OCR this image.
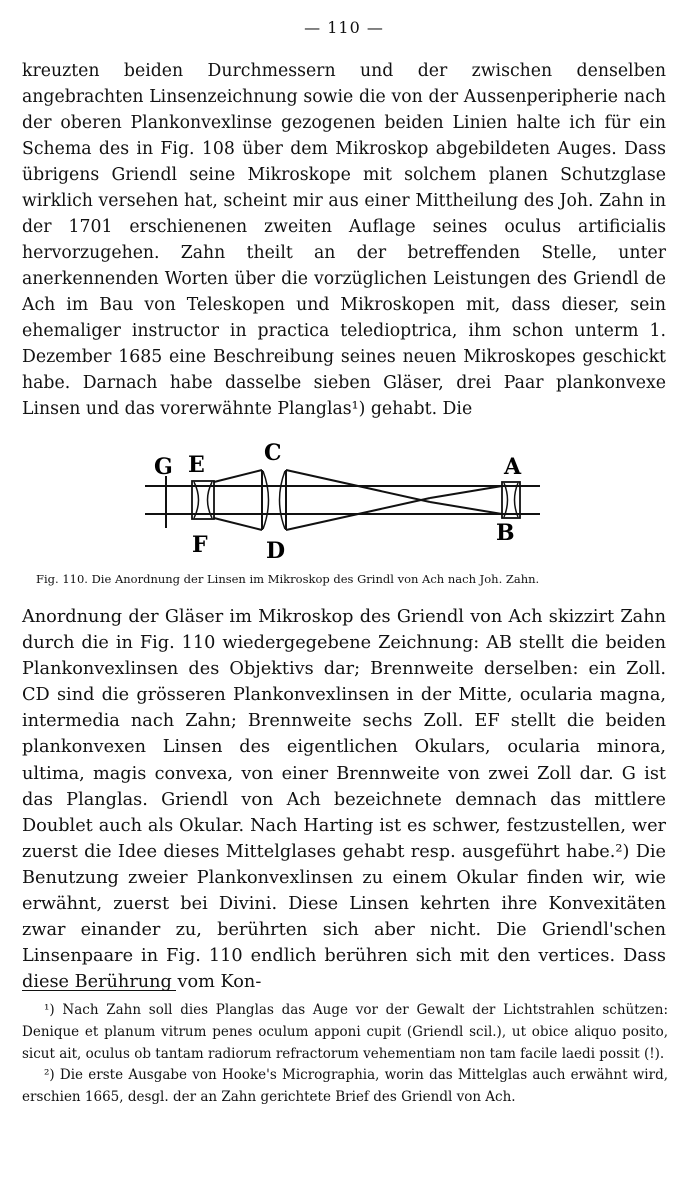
— 110 —

kreuzten beiden Durchmessern und der zwischen denselben angebrachten Linsenzeichnung sowie die von der Aussenperipherie nach der oberen Plankonvexlinse gezogenen beiden Linien halte ich für ein Schema des in Fig. 108 über dem Mikroskop abgebildeten Auges. Dass übrigens Griendl seine Mikroskope mit solchem planen Schutzglase wirklich versehen hat, scheint mir aus einer Mittheilung des Joh. Zahn in der 1701 erschienenen zweiten Auflage seines oculus artificialis hervorzugehen. Zahn theilt an der betreffenden Stelle, unter anerkennenden Worten über die vorzüglichen Leistungen des Griendl de Ach im Bau von Teleskopen und Mikroskopen mit, dass dieser, sein ehemaliger instructor in practica teledioptrica, ihm schon unterm 1. Dezember 1685 eine Beschreibung seines neuen Mikroskopes geschickt habe. Darnach habe dasselbe sieben Gläser, drei Paar plankonvexe Linsen und das vorerwähnte Planglas¹) gehabt. Die

G E	C
A
F	D
B
Fig. 110. Die Anordnung der Linsen im Mikroskop des Grindl von Ach nach Joh. Zahn.

Anordnung der Gläser im Mikroskop des Griendl von Ach skizzirt Zahn durch die in Fig. 110 wiedergegebene Zeichnung: AB stellt die beiden Plankonvexlinsen des Objektivs dar; Brennweite derselben: ein Zoll. CD sind die grösseren Plankonvexlinsen in der Mitte, ocularia magna, intermedia nach Zahn; Brennweite sechs Zoll. EF stellt die beiden plankonvexen Linsen des eigentlichen Okulars, ocularia minora, ultima, magis convexa, von einer Brennweite von zwei Zoll dar. G ist das Planglas. Griendl von Ach bezeichnete demnach das mittlere Doublet auch als Okular. Nach Harting ist es schwer, festzustellen, wer zuerst die Idee dieses Mittelglases gehabt resp. ausgeführt habe.²) Die Benutzung zweier Plankonvexlinsen zu einem Okular finden wir, wie erwähnt, zuerst bei Divini. Diese Linsen kehrten ihre Konvexitäten zwar einander zu, berührten sich aber nicht. Die Griendl'schen Linsenpaare in Fig. 110 endlich berühren sich mit den vertices. Dass diese Berührung vom Kon-

¹) Nach Zahn soll dies Planglas das Auge vor der Gewalt der Lichtstrahlen schützen: Denique et planum vitrum penes oculum apponi cupit (Griendl scil.), ut obice aliquo posito, sicut ait, oculus ob tantam radiorum refractorum vehementiam non tam facile laedi possit (!).

²) Die erste Ausgabe von Hooke's Micrographia, worin das Mittelglas auch erwähnt wird, erschien 1665, desgl. der an Zahn gerichtete Brief des Griendl von Ach.
